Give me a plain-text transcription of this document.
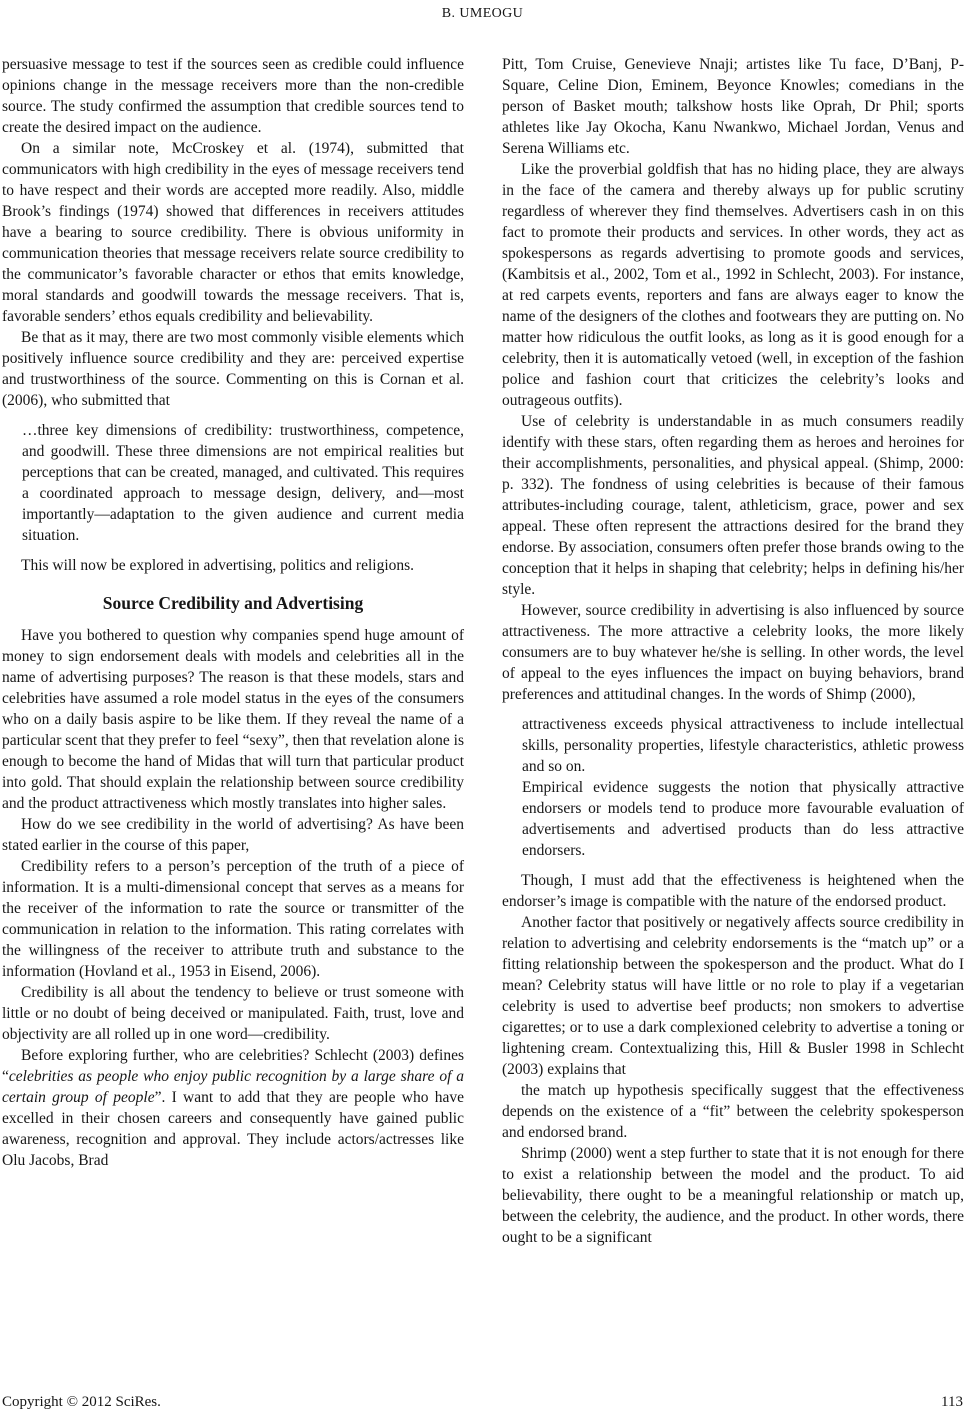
B. UMEOGU

persuasive message to test if the sources seen as credible could influence opinions change in the message receivers more than the non-credible source. The study confirmed the assumption that credible sources tend to create the desired impact on the audience.

On a similar note, McCroskey et al. (1974), submitted that communicators with high credibility in the eyes of message receivers tend to have respect and their words are accepted more readily. Also, middle Brook’s findings (1974) showed that differences in receivers attitudes have a bearing to source credibility. There is obvious uniformity in communication theories that message receivers relate source credibility to the communicator’s favorable character or ethos that emits knowledge, moral standards and goodwill towards the message receivers. That is, favorable senders’ ethos equals credibility and believability.

Be that as it may, there are two most commonly visible elements which positively influence source credibility and they are: perceived expertise and trustworthiness of the source. Commenting on this is Cornan et al. (2006), who submitted that

…three key dimensions of credibility: trustworthiness, competence, and goodwill. These three dimensions are not empirical realities but perceptions that can be created, managed, and cultivated. This requires a coordinated approach to message design, delivery, and—most importantly—adaptation to the given audience and current media situation.

This will now be explored in advertising, politics and religions.

Source Credibility and Advertising

Have you bothered to question why companies spend huge amount of money to sign endorsement deals with models and celebrities all in the name of advertising purposes? The reason is that these models, stars and celebrities have assumed a role model status in the eyes of the consumers who on a daily basis aspire to be like them. If they reveal the name of a particular scent that they prefer to feel “sexy”, then that revelation alone is enough to become the hand of Midas that will turn that particular product into gold. That should explain the relationship between source credibility and the product attractiveness which mostly translates into higher sales.

How do we see credibility in the world of advertising? As have been stated earlier in the course of this paper,

Credibility refers to a person’s perception of the truth of a piece of information. It is a multi-dimensional concept that serves as a means for the receiver of the information to rate the source or transmitter of the communication in relation to the information. This rating correlates with the willingness of the receiver to attribute truth and substance to the information (Hovland et al., 1953 in Eisend, 2006).

Credibility is all about the tendency to believe or trust someone with little or no doubt of being deceived or manipulated. Faith, trust, love and objectivity are all rolled up in one word—credibility.

Before exploring further, who are celebrities? Schlecht (2003) defines “celebrities as people who enjoy public recognition by a large share of a certain group of people”. I want to add that they are people who have excelled in their chosen careers and consequently have gained public awareness, recognition and approval. They include actors/actresses like Olu Jacobs, Brad

Pitt, Tom Cruise, Genevieve Nnaji; artistes like Tu face, D’Banj, P-Square, Celine Dion, Eminem, Beyonce Knowles; comedians in the person of Basket mouth; talkshow hosts like Oprah, Dr Phil; sports athletes like Jay Okocha, Kanu Nwankwo, Michael Jordan, Venus and Serena Williams etc.

Like the proverbial goldfish that has no hiding place, they are always in the face of the camera and thereby always up for public scrutiny regardless of wherever they find themselves. Advertisers cash in on this fact to promote their products and services. In other words, they act as spokespersons as regards advertising to promote goods and services, (Kambitsis et al., 2002, Tom et al., 1992 in Schlecht, 2003). For instance, at red carpets events, reporters and fans are always eager to know the name of the designers of the clothes and footwears they are putting on. No matter how ridiculous the outfit looks, as long as it is good enough for a celebrity, then it is automatically vetoed (well, in exception of the fashion police and fashion court that criticizes the celebrity’s looks and outrageous outfits).

Use of celebrity is understandable in as much consumers readily identify with these stars, often regarding them as heroes and heroines for their accomplishments, personalities, and physical appeal. (Shimp, 2000: p. 332). The fondness of using celebrities is because of their famous attributes-including courage, talent, athleticism, grace, power and sex appeal. These often represent the attractions desired for the brand they endorse. By association, consumers often prefer those brands owing to the conception that it helps in shaping that celebrity; helps in defining his/her style.

However, source credibility in advertising is also influenced by source attractiveness. The more attractive a celebrity looks, the more likely consumers are to buy whatever he/she is selling. In other words, the level of appeal to the eyes influences the impact on buying behaviors, brand preferences and attitudinal changes. In the words of Shimp (2000),

attractiveness exceeds physical attractiveness to include intellectual skills, personality properties, lifestyle characteristics, athletic prowess and so on.

Empirical evidence suggests the notion that physically attractive endorsers or models tend to produce more favourable evaluation of advertisements and advertised products than do less attractive endorsers.

Though, I must add that the effectiveness is heightened when the endorser’s image is compatible with the nature of the endorsed product.

Another factor that positively or negatively affects source credibility in relation to advertising and celebrity endorsements is the “match up” or a fitting relationship between the spokesperson and the product. What do I mean? Celebrity status will have little or no role to play if a vegetarian celebrity is used to advertise beef products; non smokers to advertise cigarettes; or to use a dark complexioned celebrity to advertise a toning or lightening cream. Contextualizing this, Hill & Busler 1998 in Schlecht (2003) explains that

the match up hypothesis specifically suggest that the effectiveness depends on the existence of a “fit” between the celebrity spokesperson and endorsed brand.

Shrimp (2000) went a step further to state that it is not enough for there to exist a relationship between the model and the product. To aid believability, there ought to be a meaningful relationship or match up, between the celebrity, the audience, and the product. In other words, there ought to be a significant

Copyright © 2012 SciRes.	113
